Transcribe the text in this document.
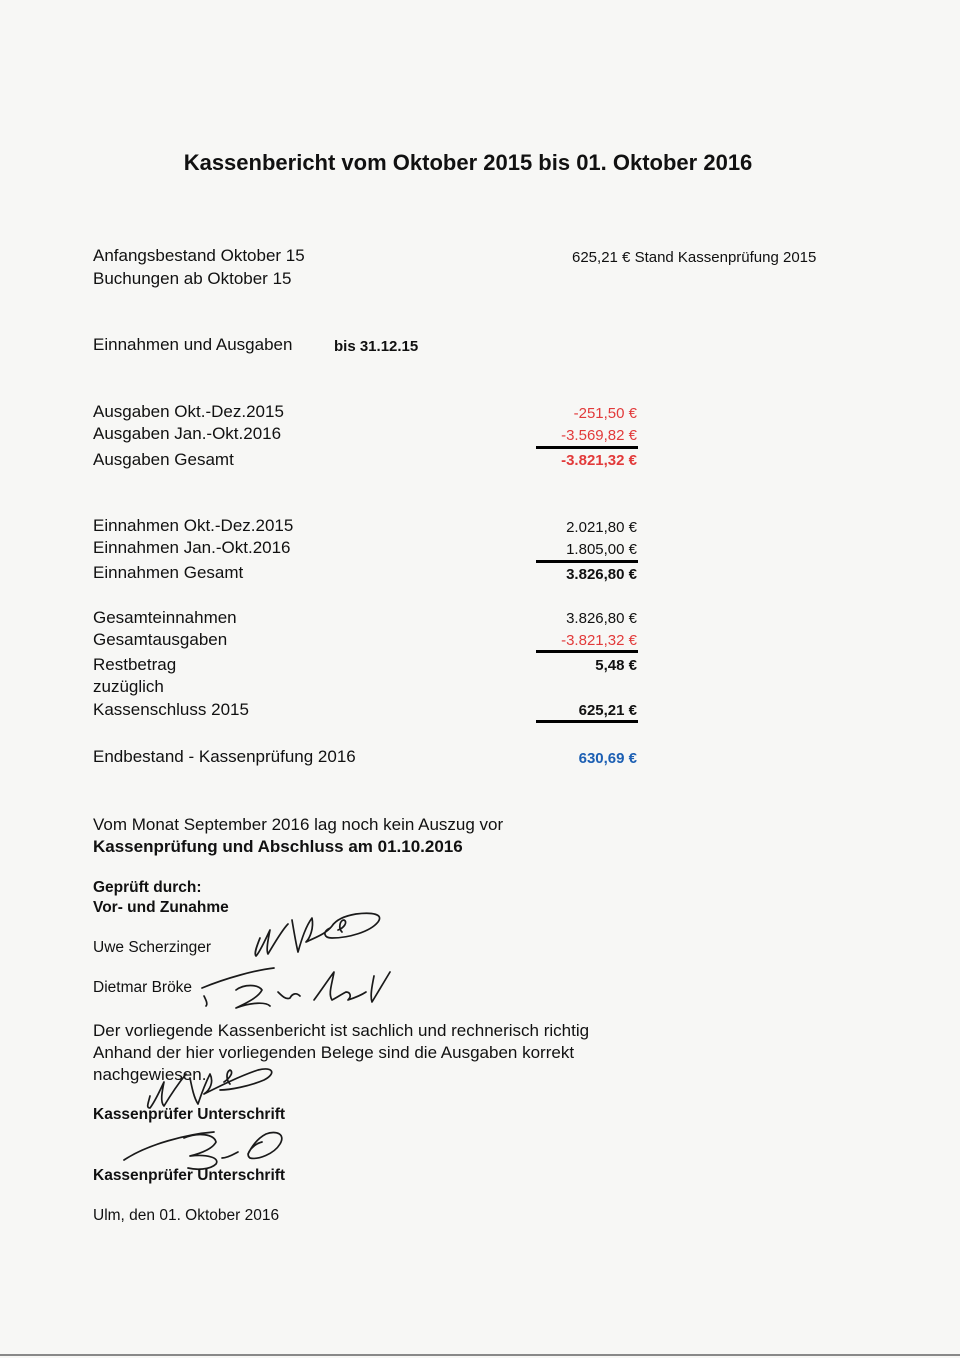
Kassenbericht vom Oktober 2015 bis 01. Oktober 2016
Anfangsbestand Oktober 15	625,21 € Stand Kassenprüfung 2015
Buchungen ab Oktober 15
Einnahmen und Ausgaben	bis 31.12.15
Ausgaben Okt.-Dez.2015	-251,50 €
Ausgaben Jan.-Okt.2016	-3.569,82 €
Ausgaben Gesamt	-3.821,32 €
Einnahmen Okt.-Dez.2015	2.021,80 €
Einnahmen Jan.-Okt.2016	1.805,00 €
Einnahmen Gesamt	3.826,80 €
Gesamteinnahmen	3.826,80 €
Gesamtausgaben	-3.821,32 €
Restbetrag	5,48 €
zuzüglich
Kassenschluss 2015	625,21 €
Endbestand - Kassenprüfung 2016	630,69 €
Vom Monat September 2016 lag noch kein Auszug vor
Kassenprüfung und Abschluss am 01.10.2016
Geprüft durch:
Vor- und Zunahme
Uwe Scherzinger
Dietmar Bröke
Der vorliegende Kassenbericht ist sachlich und rechnerisch richtig
Anhand der hier vorliegenden Belege sind die Ausgaben korrekt
nachgewiesen.
Kassenprüfer Unterschrift
Kassenprüfer Unterschrift
Ulm, den 01. Oktober 2016
